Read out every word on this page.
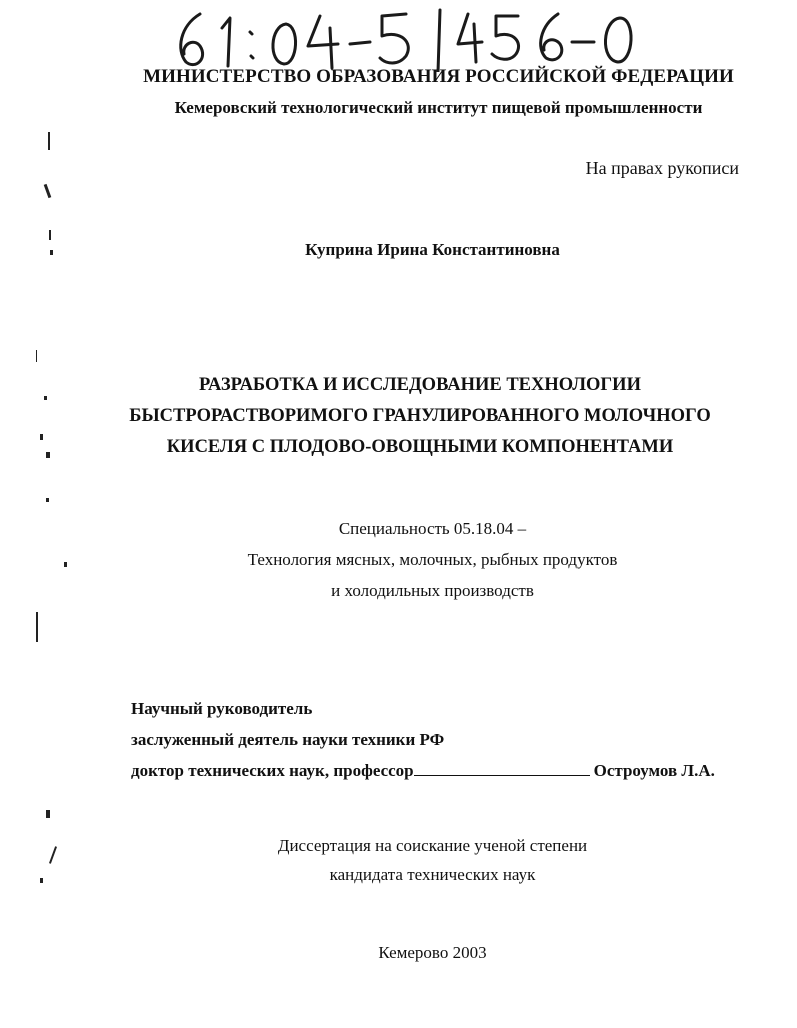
МИНИСТЕРСТВО ОБРАЗОВАНИЯ РОССИЙСКОЙ ФЕДЕРАЦИИ
Кемеровский технологический институт пищевой промышленности
На правах рукописи
Куприна Ирина Константиновна
РАЗРАБОТКА И ИССЛЕДОВАНИЕ ТЕХНОЛОГИИ
БЫСТРОРАСТВОРИМОГО ГРАНУЛИРОВАННОГО МОЛОЧНОГО
КИСЕЛЯ С ПЛОДОВО-ОВОЩНЫМИ КОМПОНЕНТАМИ
Специальность 05.18.04 –
Технология мясных, молочных, рыбных продуктов
и холодильных производств
Научный руководитель
заслуженный деятель науки техники РФ
доктор технических наук, профессор	Остроумов Л.А.
Диссертация на соискание ученой степени
кандидата технических наук
Кемерово 2003
